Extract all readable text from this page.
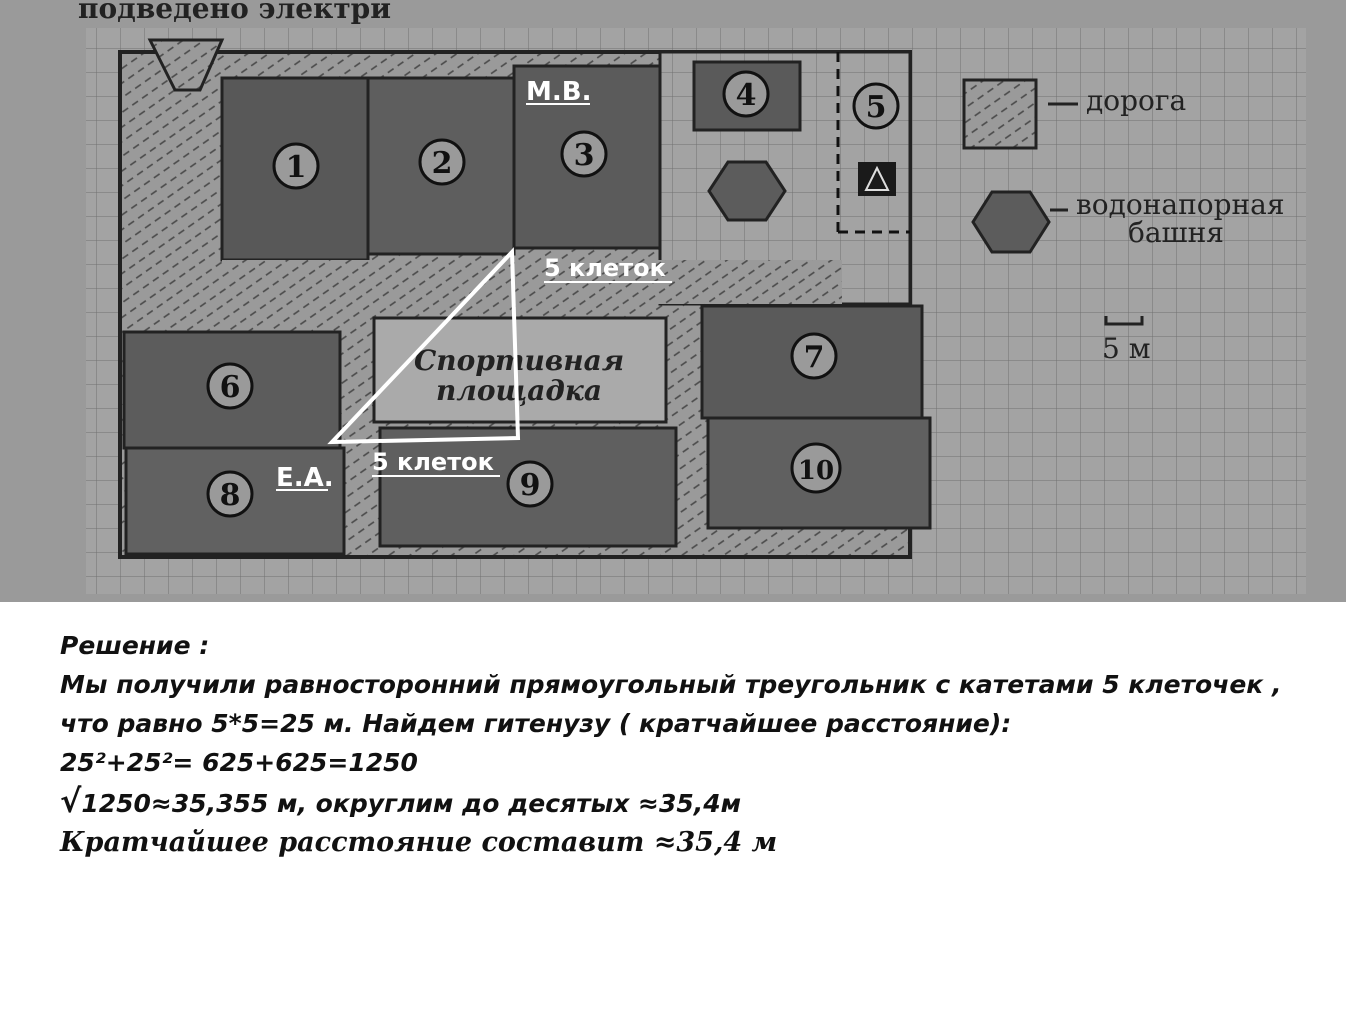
подведено электри
Спортивная
площадка
1	2	3
4	5
6
7
8	9	10
дорога
водонапорная
башня
5 м
М.В.
5 клеток
Е.А.
5 клеток
Решение :
Мы получили равносторонний прямоугольный треугольник с катетами 5 клеточек ,
что равно 5*5=25 м. Найдем гитенузу ( кратчайшее расстояние):
25²+25²= 625+625=1250
√1250≈35,355 м, округлим до десятых ≈35,4м
Кратчайшее расстояние составит ≈35,4 м
